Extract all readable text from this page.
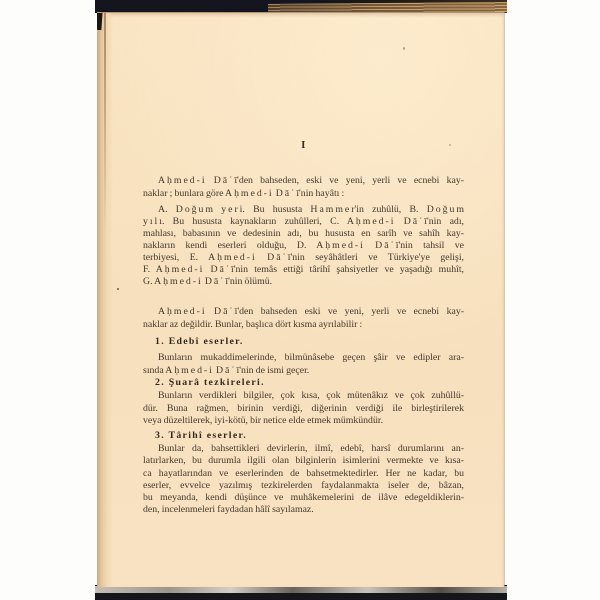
I
A ḥ m e d - i  D ā ʿ ī'den bahseden, eski ve yeni, yerli ve ecnebi kay-
naklar ; bunlara göre A ḥ m e d - i  D ā ʿ ī'nin hayâtı :
A. D o ğ u m y e r i. Bu hususta H a m m e r'in zuhûlü, B. D o ğ u m
y ı l ı. Bu hususta kaynakların zuhûlleri, C. A ḥ m e d - i  D ā ʿ ī'nin adı,
mahlası, babasının ve dedesinin adı, bu hususta en sarîh ve sahîh kay-
nakların kendi eserleri olduğu, D. A ḥ m e d - i  D ā ʿ ī'nin tahsil ve
terbiyesi, E. A ḥ m e d - i  D ā ʿ ī'nin seyâhâtleri ve Türkiye'ye gelişi,
F. A ḥ m e d - i  D ā ʿ ī'nin temâs ettiği târihî şahsiyetler ve yaşadığı muhît,
G. A ḥ m e d - i  D ā ʿ ī'nin ölümü.
A ḥ m e d - i  D ā ʿ ī'den bahseden eski ve yeni, yerli ve ecnebi kay-
naklar az değildir. Bunlar, başlıca dört kısma ayrılabilir :
1. Edebî eserler.
Bunların mukaddimelerinde, bilmünâsebe geçen şâir ve edipler ara-
sında A ḥ m e d - i  D ā ʿ ī'nin de ismi geçer.
2. Şuarâ tezkireleri.
Bunların verdikleri bilgiler, çok kısa, çok mütenâkız ve çok zuhûllü-
dür. Buna rağmen, birinin verdiği, diğerinin verdiği ile birleştirilerek
veya düzeltilerek, iyi-kötü, bir netice elde etmek mümkündür.
3. Târihî eserler.
Bunlar da, bahsettikleri devirlerin, ilmî, edebî, harsî durumlarını an-
latırlarken, bu durumla ilgili olan bilginlerin isimlerini vermekte ve kısa-
ca hayatlarından ve eserlerinden de bahsetmektedirler. Her ne kadar, bu
eserler, evvelce yazılmış tezkirelerden faydalanmakta iseler de, bâzan,
bu meyanda, kendi düşünce ve muhâkemelerini de ilâve edegeldiklerin-
den, incelenmeleri faydadan hâlî sayılamaz.
